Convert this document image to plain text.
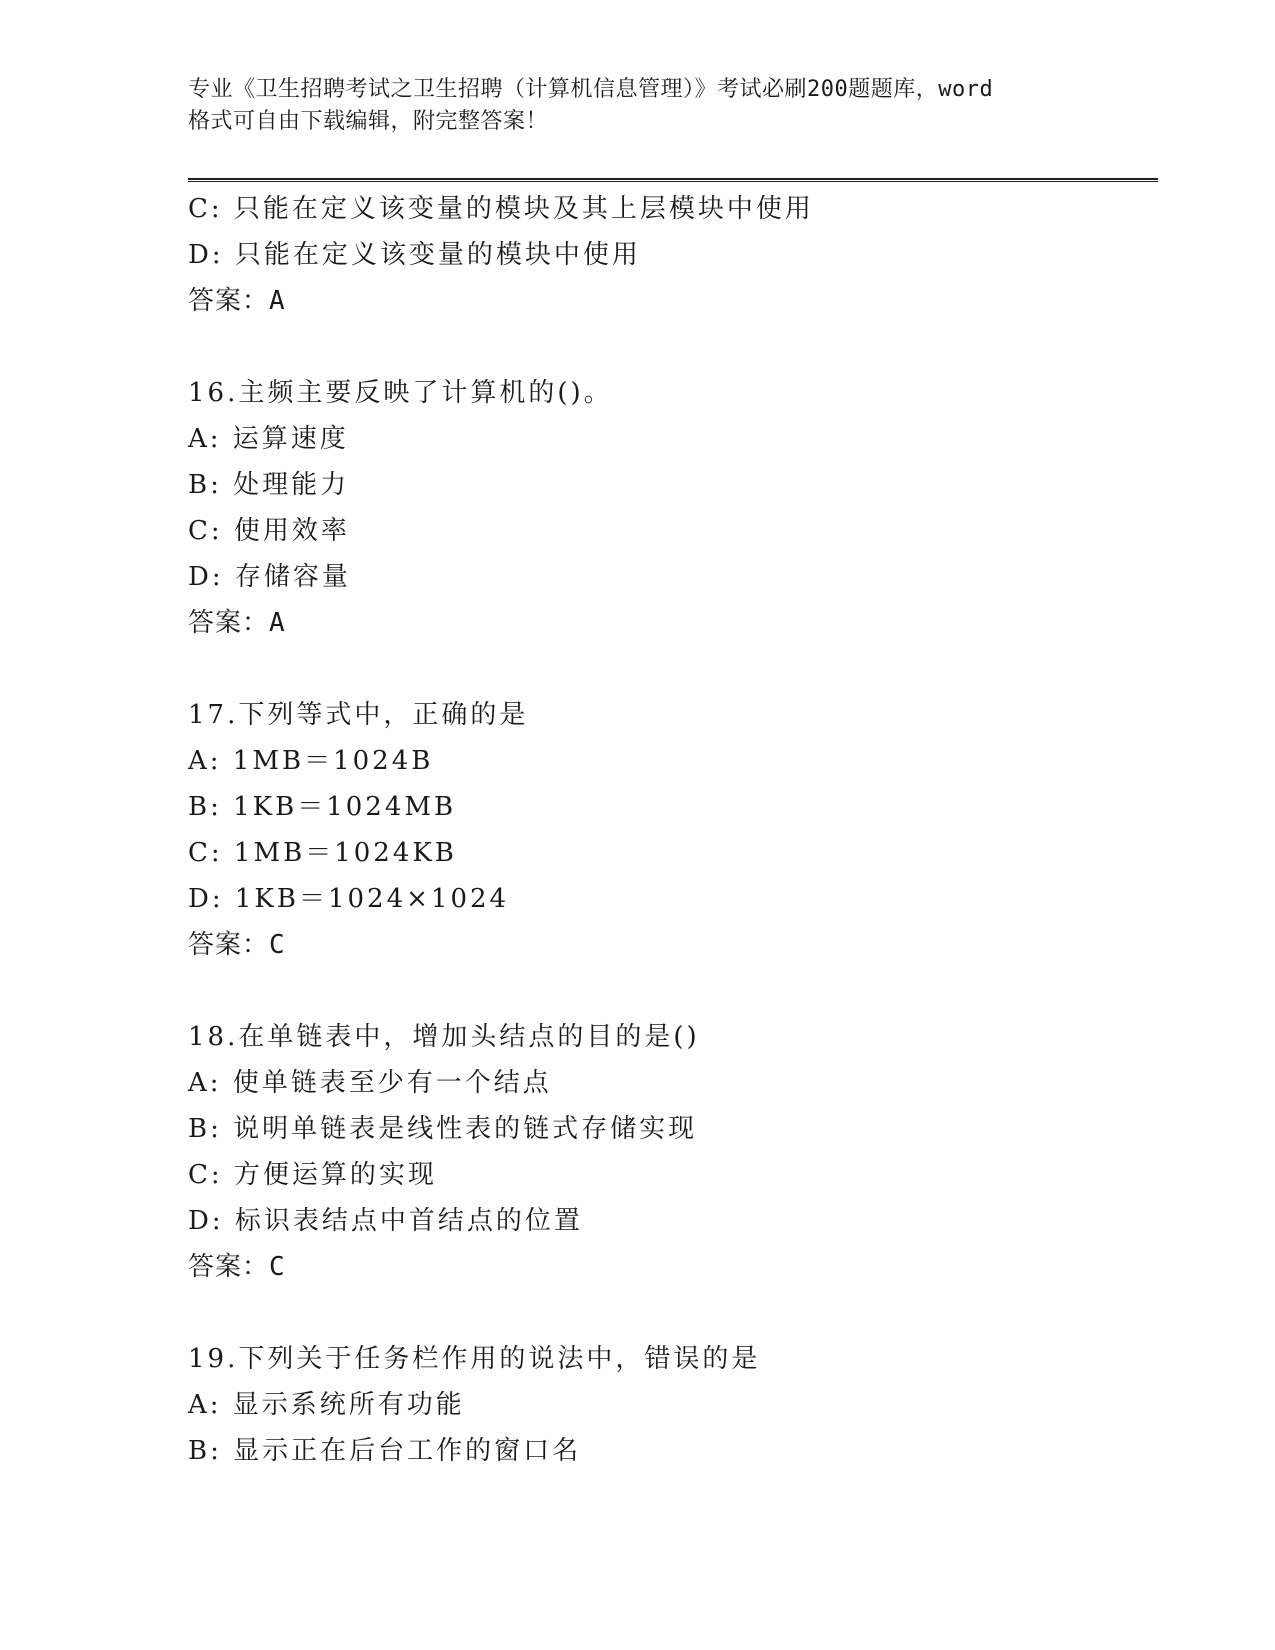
专业《卫生招聘考试之卫生招聘（计算机信息管理）》考试必刷200题题库，word
格式可自由下载编辑，附完整答案！
C: 只能在定义该变量的模块及其上层模块中使用
D: 只能在定义该变量的模块中使用
答案：A
16.主频主要反映了计算机的()。
A: 运算速度
B: 处理能力
C: 使用效率
D: 存储容量
答案：A
17.下列等式中，正确的是
A: 1MB＝1024B
B: 1KB＝1024MB
C: 1MB＝1024KB
D: 1KB＝1024×1024
答案：C
18.在单链表中，增加头结点的目的是()
A: 使单链表至少有一个结点
B: 说明单链表是线性表的链式存储实现
C: 方便运算的实现
D: 标识表结点中首结点的位置
答案：C
19.下列关于任务栏作用的说法中，错误的是
A: 显示系统所有功能
B: 显示正在后台工作的窗口名
